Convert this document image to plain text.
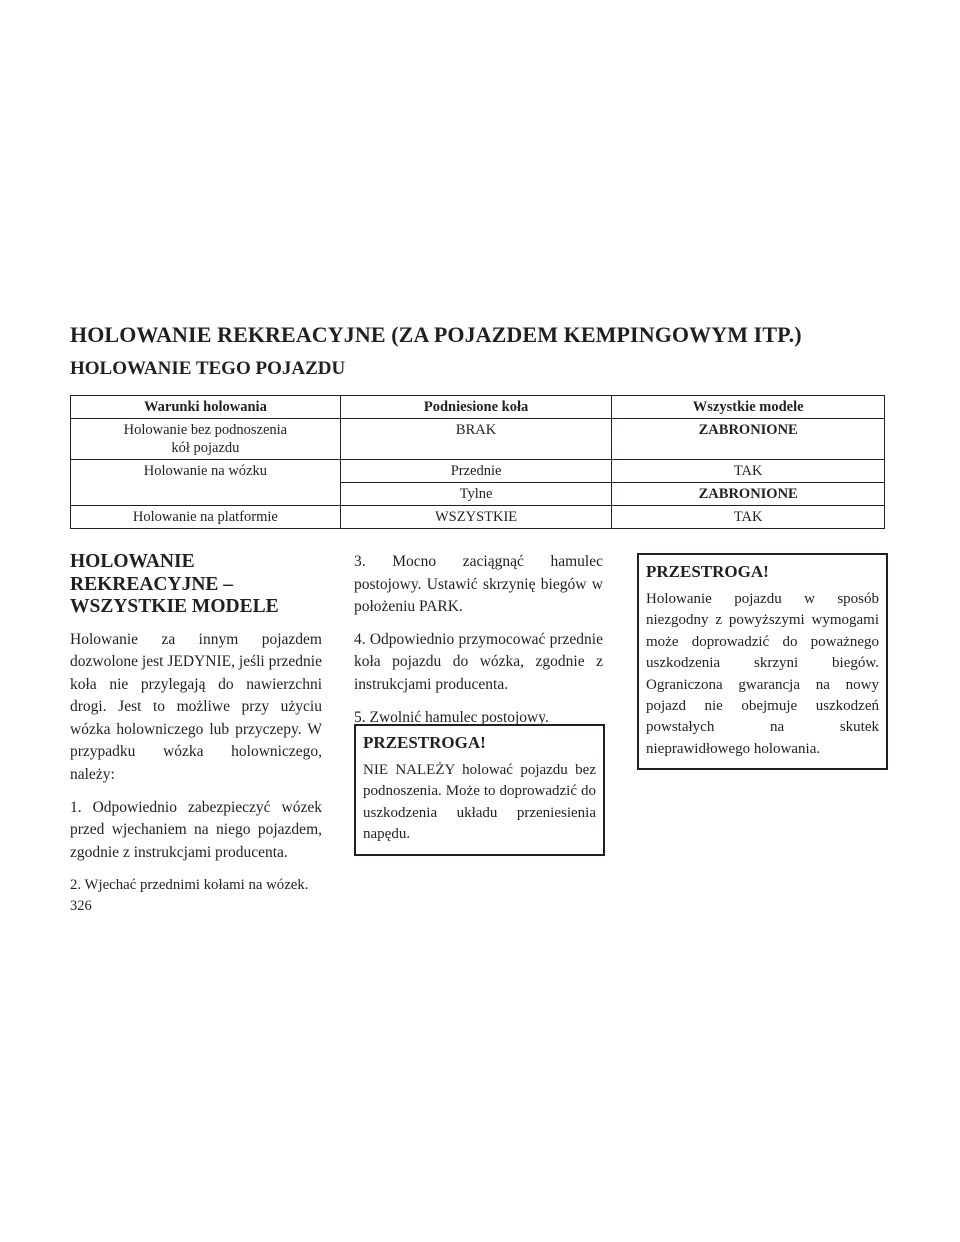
HOLOWANIE REKREACYJNE (ZA POJAZDEM KEMPINGOWYM ITP.)
HOLOWANIE TEGO POJAZDU
Warunki holowania	Podniesione koła	Wszystkie modele
Holowanie bez podnoszenia kół pojazdu	BRAK	ZABRONIONE
Holowanie na wózku	Przednie	TAK
	Tylne	ZABRONIONE
Holowanie na platformie	WSZYSTKIE	TAK
HOLOWANIE REKREACYJNE – WSZYSTKIE MODELE

Holowanie za innym pojazdem dozwolone jest JEDYNIE, jeśli przednie koła nie przylegają do nawierzchni drogi. Jest to możliwe przy użyciu wózka holowniczego lub przyczepy. W przypadku wózka holowniczego, należy:

1. Odpowiednio zabezpieczyć wózek przed wjechaniem na niego pojazdem, zgodnie z instrukcjami producenta.

2. Wjechać przednimi kołami na wózek.

3. Mocno zaciągnąć hamulec postojowy. Ustawić skrzynię biegów w położeniu PARK.

4. Odpowiednio przymocować przednie koła pojazdu do wózka, zgodnie z instrukcjami producenta.

5. Zwolnić hamulec postojowy.

PRZESTROGA!

NIE NALEŻY holować pojazdu bez podnoszenia. Może to doprowadzić do uszkodzenia układu przeniesienia napędu.

PRZESTROGA!

Holowanie pojazdu w sposób niezgodny z powyższymi wymogami może doprowadzić do poważnego uszkodzenia skrzyni biegów. Ograniczona gwarancja na nowy pojazd nie obejmuje uszkodzeń powstałych na skutek nieprawidłowego holowania.

326
